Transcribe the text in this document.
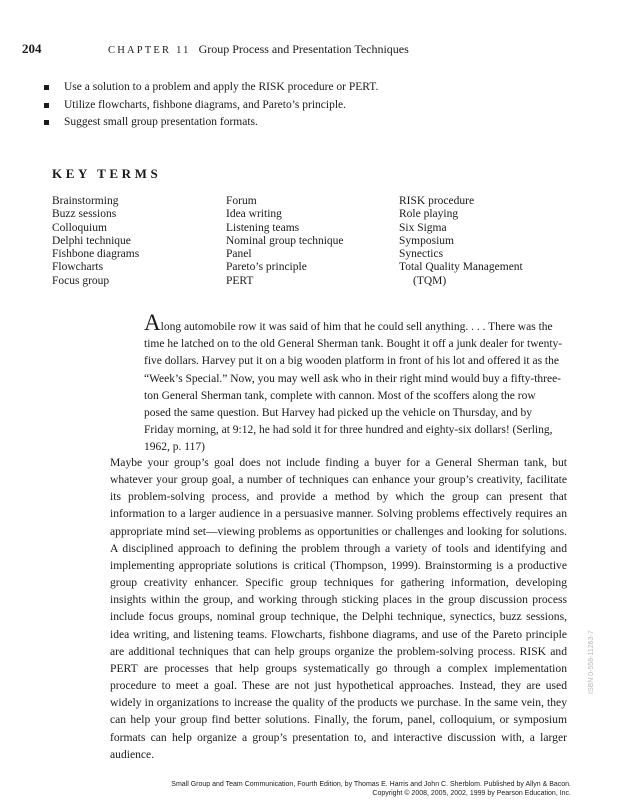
204	CHAPTER 11 Group Process and Presentation Techniques
Use a solution to a problem and apply the RISK procedure or PERT.
Utilize flowcharts, fishbone diagrams, and Pareto’s principle.
Suggest small group presentation formats.
KEY TERMS
Brainstorming
Buzz sessions
Colloquium
Delphi technique
Fishbone diagrams
Flowcharts
Focus group
Forum
Idea writing
Listening teams
Nominal group technique
Panel
Pareto’s principle
PERT
RISK procedure
Role playing
Six Sigma
Symposium
Synectics
Total Quality Management
(TQM)
Along automobile row it was said of him that he could sell anything. . . . There was the time he latched on to the old General Sherman tank. Bought it off a junk dealer for twenty-five dollars. Harvey put it on a big wooden platform in front of his lot and offered it as the “Week’s Special.” Now, you may well ask who in their right mind would buy a fifty-three-ton General Sherman tank, complete with cannon. Most of the scoffers along the row posed the same question. But Harvey had picked up the vehicle on Thursday, and by Friday morning, at 9:12, he had sold it for three hundred and eighty-six dollars! (Serling, 1962, p. 117)
Maybe your group’s goal does not include finding a buyer for a General Sherman tank, but whatever your group goal, a number of techniques can enhance your group’s creativity, facilitate its problem-solving process, and provide a method by which the group can present that information to a larger audience in a persuasive manner. Solving problems effectively requires an appropriate mind set—viewing problems as opportunities or challenges and looking for solutions. A disciplined approach to defining the problem through a variety of tools and identifying and implementing appropriate solutions is critical (Thompson, 1999). Brainstorming is a productive group creativity enhancer. Specific group techniques for gathering information, developing insights within the group, and working through sticking places in the group discussion process include focus groups, nominal group technique, the Delphi technique, synectics, buzz sessions, idea writing, and listening teams. Flowcharts, fishbone diagrams, and use of the Pareto principle are additional techniques that can help groups organize the problem-solving process. RISK and PERT are processes that help groups systematically go through a complex implementation procedure to meet a goal. These are not just hypothetical approaches. Instead, they are used widely in organizations to increase the quality of the products we purchase. In the same vein, they can help your group find better solutions. Finally, the forum, panel, colloquium, or symposium formats can help organize a group’s presentation to, and interactive discussion with, a larger audience.
ISBN 0-558-11263-7
Small Group and Team Communication, Fourth Edition, by Thomas E. Harris and John C. Sherblom. Published by Allyn & Bacon.
Copyright © 2008, 2005, 2002, 1999 by Pearson Education, Inc.
